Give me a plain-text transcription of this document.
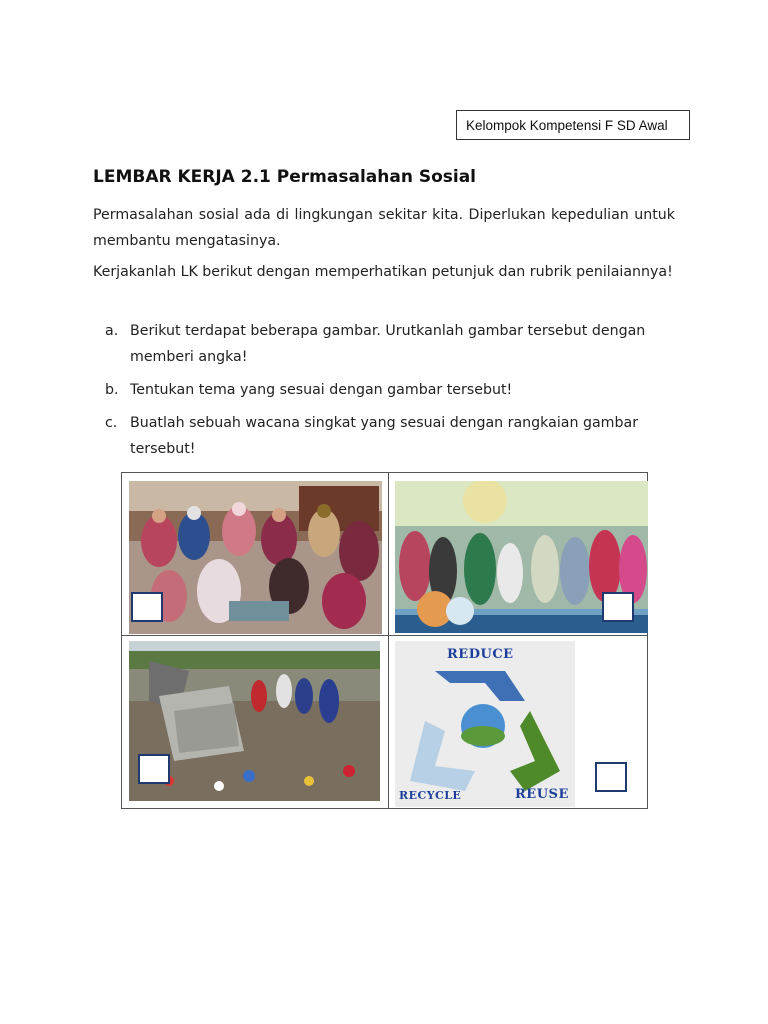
Kelompok Kompetensi F SD Awal
LEMBAR KERJA 2.1 Permasalahan Sosial

Permasalahan sosial ada di lingkungan sekitar kita. Diperlukan kepedulian untuk membantu mengatasinya.

Kerjakanlah LK berikut dengan memperhatikan petunjuk dan rubrik penilaiannya!

a. Berikut terdapat beberapa gambar. Urutkanlah gambar tersebut dengan memberi angka!
b. Tentukan tema yang sesuai dengan gambar tersebut!
c. Buatlah sebuah wacana singkat yang sesuai dengan rangkaian gambar tersebut!
REDUCE
RECYCLE	REUSE
